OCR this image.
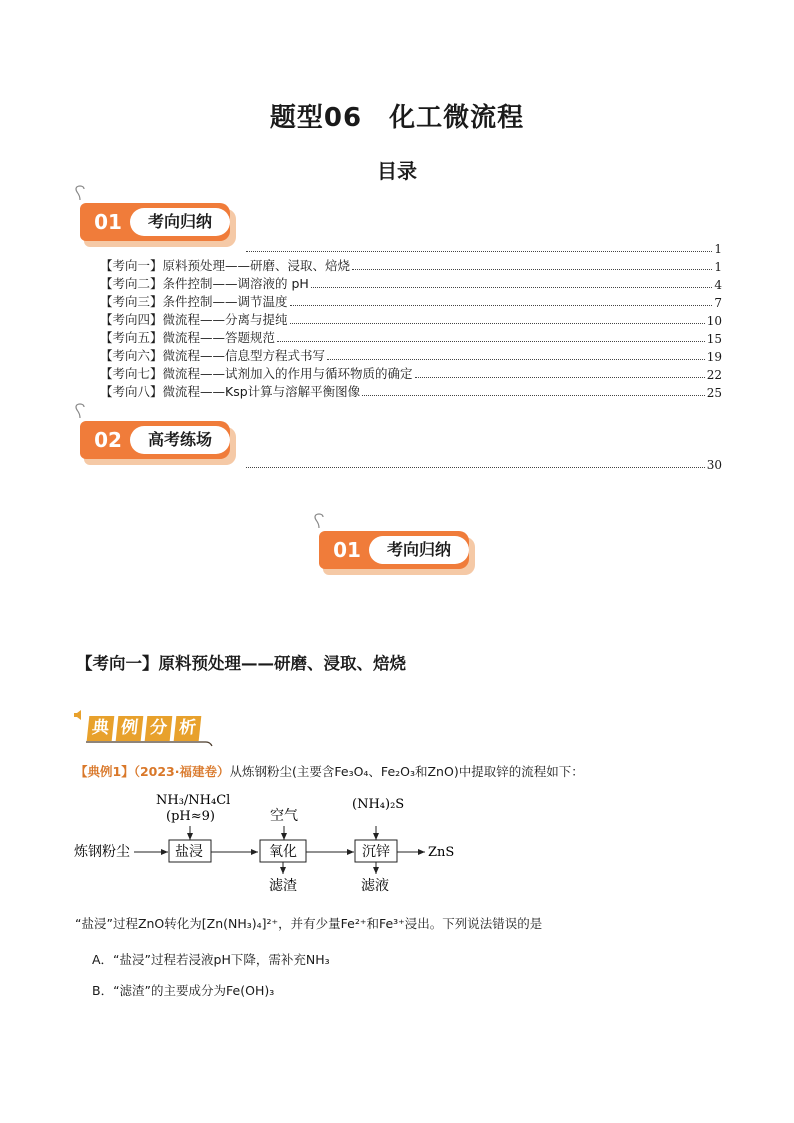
题型06　化工微流程
目录
01	考向归纳
1
【考向一】原料预处理——研磨、浸取、焙烧	1
【考向二】条件控制——调溶液的 pH	4
【考向三】条件控制——调节温度	7
【考向四】微流程——分离与提纯	10
【考向五】微流程——答题规范	15
【考向六】微流程——信息型方程式书写	19
【考向七】微流程——试剂加入的作用与循环物质的确定	22
【考向八】微流程——Ksp计算与溶解平衡图像	25
02	高考练场
30
01	考向归纳
【考向一】原料预处理——研磨、浸取、焙烧
典 例 分 析
【典例1】（2023·福建卷）从炼钢粉尘(主要含Fe₃O₄、Fe₂O₃和ZnO)中提取锌的流程如下：
炼钢粉尘
NH₃/NH₄Cl
(pH≈9)
盐浸
空气
氧化
滤渣
(NH₄)₂S
沉锌
滤液
ZnS
“盐浸”过程ZnO转化为[Zn(NH₃)₄]²⁺，并有少量Fe²⁺和Fe³⁺浸出。下列说法错误的是
A．“盐浸”过程若浸液pH下降，需补充NH₃
B．“滤渣”的主要成分为Fe(OH)₃
